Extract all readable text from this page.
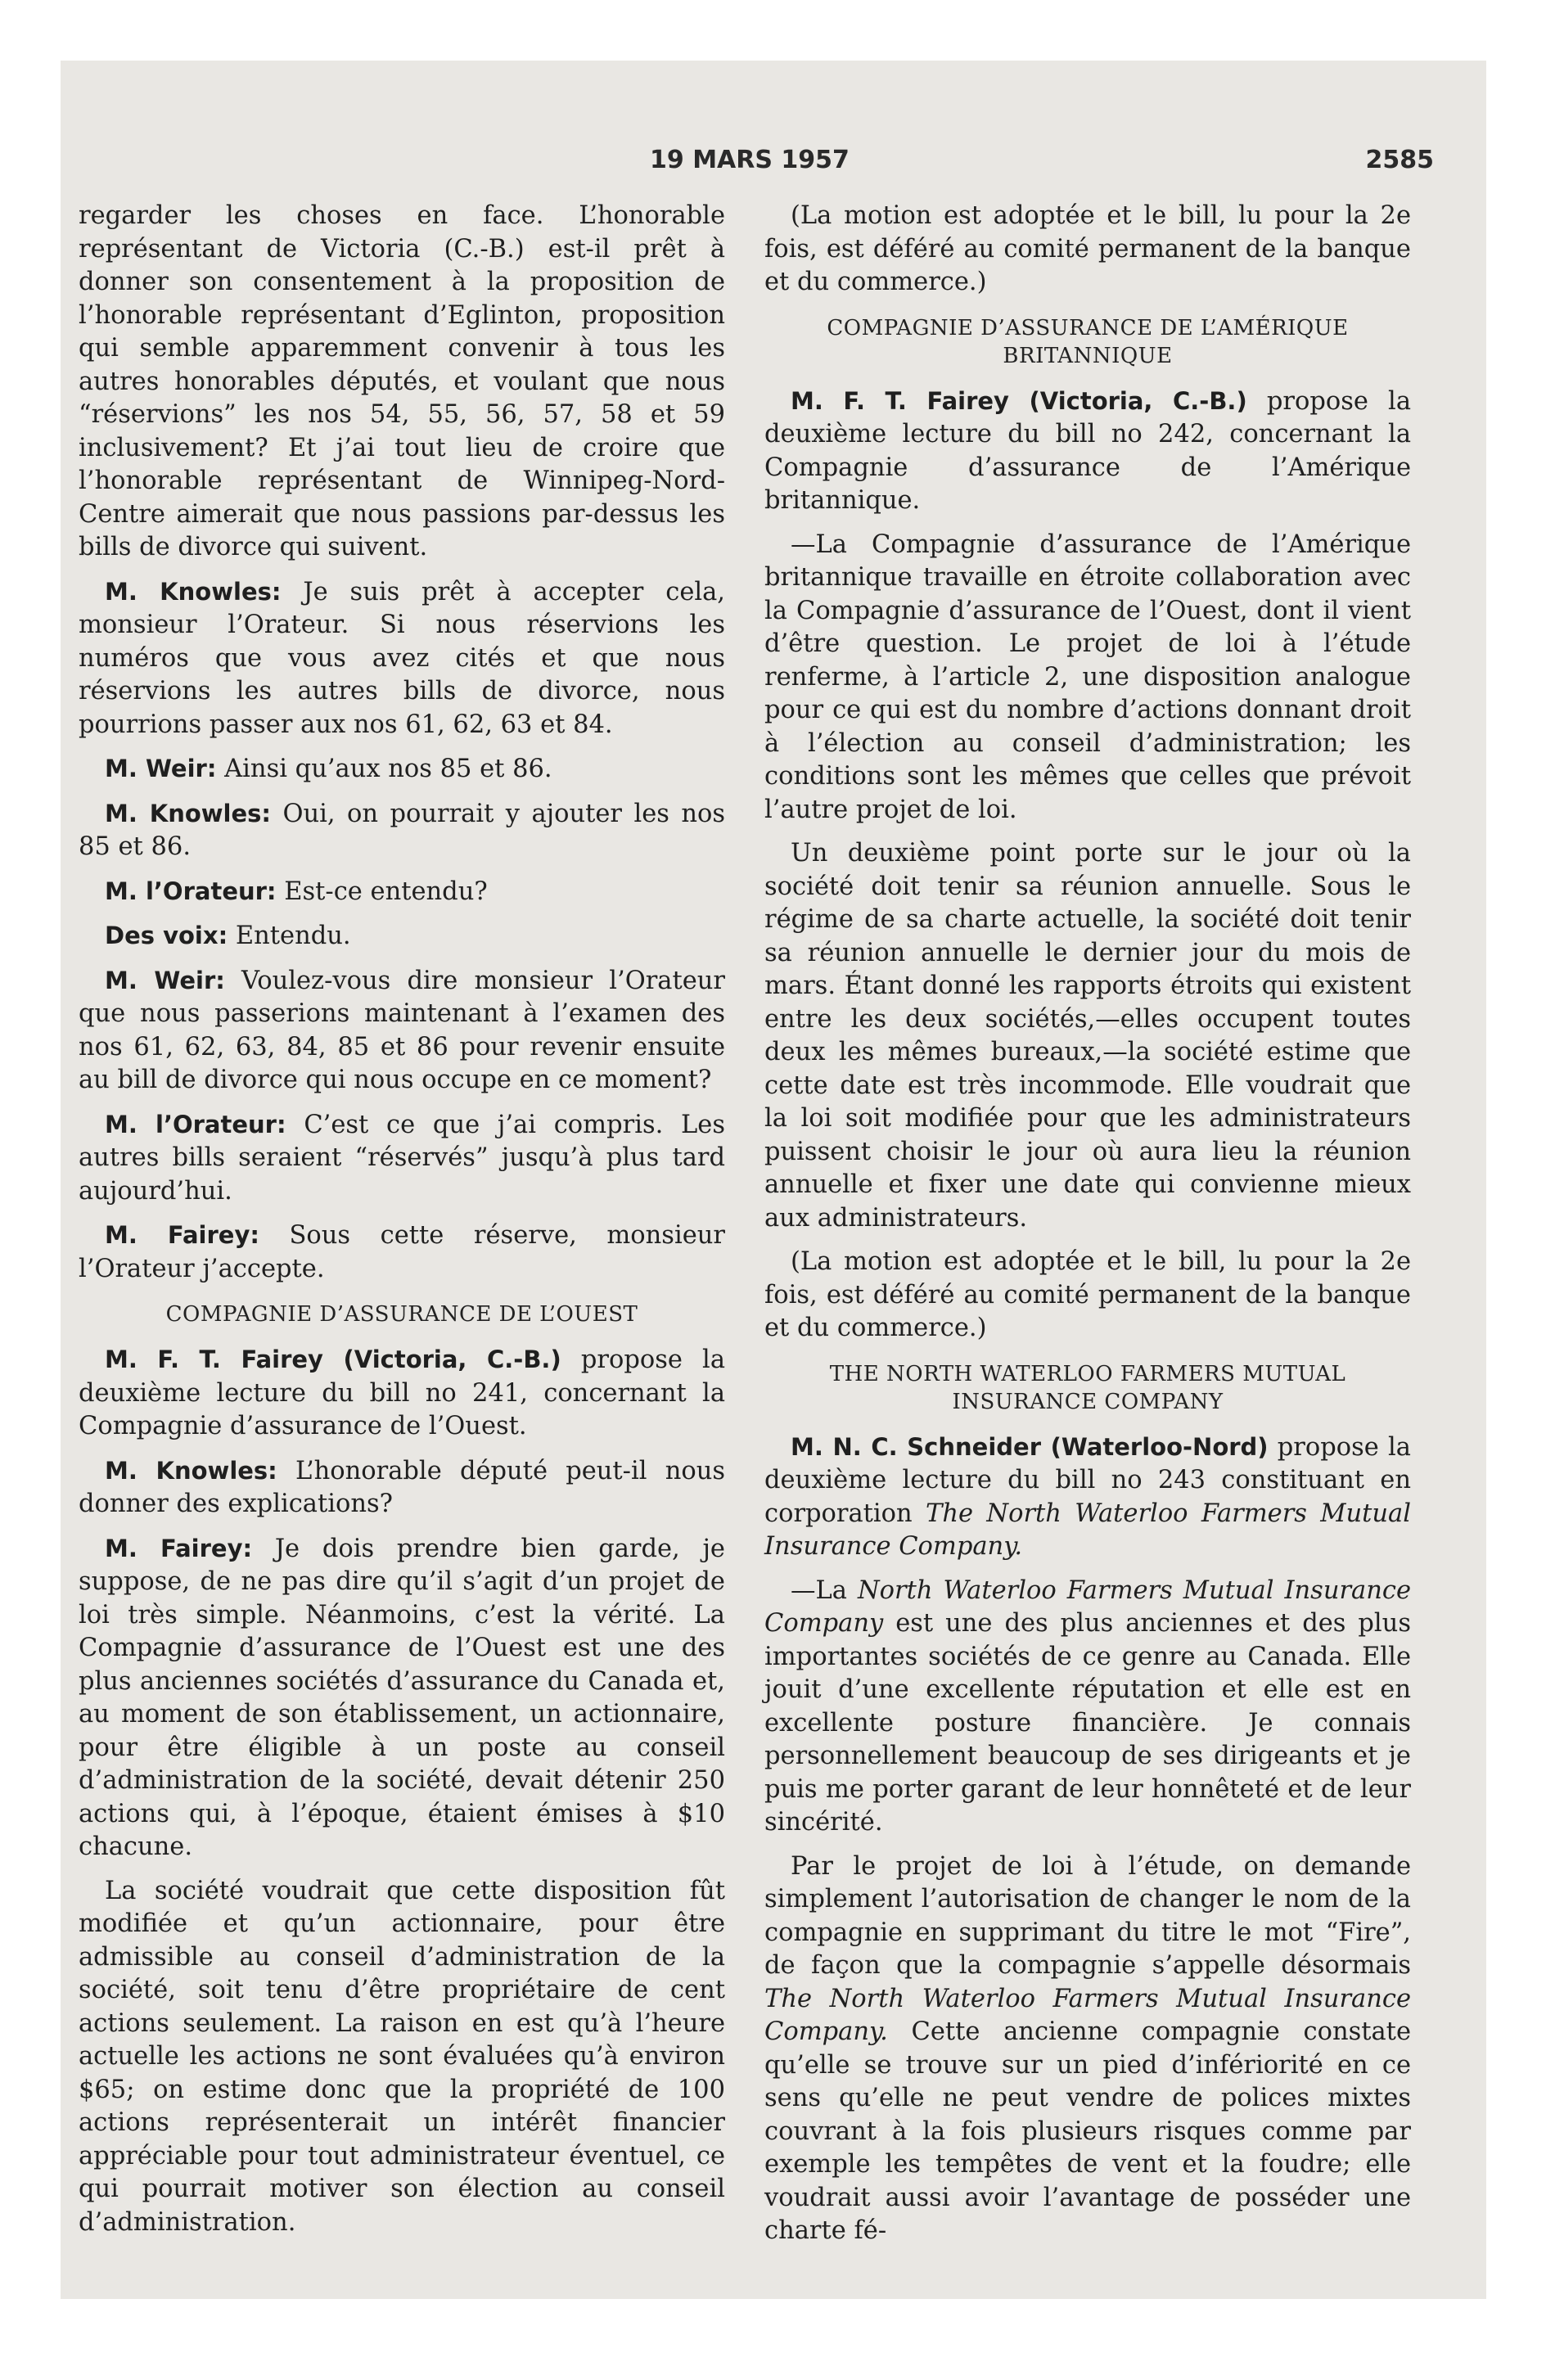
19 MARS 1957	2585

regarder les choses en face. L’honorable représentant de Victoria (C.-B.) est-il prêt à donner son consentement à la proposition de l’honorable représentant d’Eglinton, proposition qui semble apparemment convenir à tous les autres honorables députés, et voulant que nous “réservions” les nos 54, 55, 56, 57, 58 et 59 inclusivement? Et j’ai tout lieu de croire que l’honorable représentant de Winnipeg-Nord-Centre aimerait que nous passions par-dessus les bills de divorce qui suivent.

M. Knowles: Je suis prêt à accepter cela, monsieur l’Orateur. Si nous réservions les numéros que vous avez cités et que nous réservions les autres bills de divorce, nous pourrions passer aux nos 61, 62, 63 et 84.

M. Weir: Ainsi qu’aux nos 85 et 86.

M. Knowles: Oui, on pourrait y ajouter les nos 85 et 86.

M. l’Orateur: Est-ce entendu?

Des voix: Entendu.

M. Weir: Voulez-vous dire monsieur l’Orateur que nous passerions maintenant à l’examen des nos 61, 62, 63, 84, 85 et 86 pour revenir ensuite au bill de divorce qui nous occupe en ce moment?

M. l’Orateur: C’est ce que j’ai compris. Les autres bills seraient “réservés” jusqu’à plus tard aujourd’hui.

M. Fairey: Sous cette réserve, monsieur l’Orateur j’accepte.

COMPAGNIE D’ASSURANCE DE L’OUEST

M. F. T. Fairey (Victoria, C.-B.) propose la deuxième lecture du bill no 241, concernant la Compagnie d’assurance de l’Ouest.

M. Knowles: L’honorable député peut-il nous donner des explications?

M. Fairey: Je dois prendre bien garde, je suppose, de ne pas dire qu’il s’agit d’un projet de loi très simple. Néanmoins, c’est la vérité. La Compagnie d’assurance de l’Ouest est une des plus anciennes sociétés d’assurance du Canada et, au moment de son établissement, un actionnaire, pour être éligible à un poste au conseil d’administration de la société, devait détenir 250 actions qui, à l’époque, étaient émises à $10 chacune.

La société voudrait que cette disposition fût modifiée et qu’un actionnaire, pour être admissible au conseil d’administration de la société, soit tenu d’être propriétaire de cent actions seulement. La raison en est qu’à l’heure actuelle les actions ne sont évaluées qu’à environ $65; on estime donc que la propriété de 100 actions représenterait un intérêt financier appréciable pour tout administrateur éventuel, ce qui pourrait motiver son élection au conseil d’administration.

(La motion est adoptée et le bill, lu pour la 2e fois, est déféré au comité permanent de la banque et du commerce.)

COMPAGNIE D’ASSURANCE DE L’AMÉRIQUE BRITANNIQUE

M. F. T. Fairey (Victoria, C.-B.) propose la deuxième lecture du bill no 242, concernant la Compagnie d’assurance de l’Amérique britannique.

—La Compagnie d’assurance de l’Amérique britannique travaille en étroite collaboration avec la Compagnie d’assurance de l’Ouest, dont il vient d’être question. Le projet de loi à l’étude renferme, à l’article 2, une disposition analogue pour ce qui est du nombre d’actions donnant droit à l’élection au conseil d’administration; les conditions sont les mêmes que celles que prévoit l’autre projet de loi.

Un deuxième point porte sur le jour où la société doit tenir sa réunion annuelle. Sous le régime de sa charte actuelle, la société doit tenir sa réunion annuelle le dernier jour du mois de mars. Étant donné les rapports étroits qui existent entre les deux sociétés,—elles occupent toutes deux les mêmes bureaux,—la société estime que cette date est très incommode. Elle voudrait que la loi soit modifiée pour que les administrateurs puissent choisir le jour où aura lieu la réunion annuelle et fixer une date qui convienne mieux aux administrateurs.

(La motion est adoptée et le bill, lu pour la 2e fois, est déféré au comité permanent de la banque et du commerce.)

THE NORTH WATERLOO FARMERS MUTUAL INSURANCE COMPANY

M. N. C. Schneider (Waterloo-Nord) propose la deuxième lecture du bill no 243 constituant en corporation The North Waterloo Farmers Mutual Insurance Company.

—La North Waterloo Farmers Mutual Insurance Company est une des plus anciennes et des plus importantes sociétés de ce genre au Canada. Elle jouit d’une excellente réputation et elle est en excellente posture financière. Je connais personnellement beaucoup de ses dirigeants et je puis me porter garant de leur honnêteté et de leur sincérité.

Par le projet de loi à l’étude, on demande simplement l’autorisation de changer le nom de la compagnie en supprimant du titre le mot “Fire”, de façon que la compagnie s’appelle désormais The North Waterloo Farmers Mutual Insurance Company. Cette ancienne compagnie constate qu’elle se trouve sur un pied d’infériorité en ce sens qu’elle ne peut vendre de polices mixtes couvrant à la fois plusieurs risques comme par exemple les tempêtes de vent et la foudre; elle voudrait aussi avoir l’avantage de posséder une charte fé-
